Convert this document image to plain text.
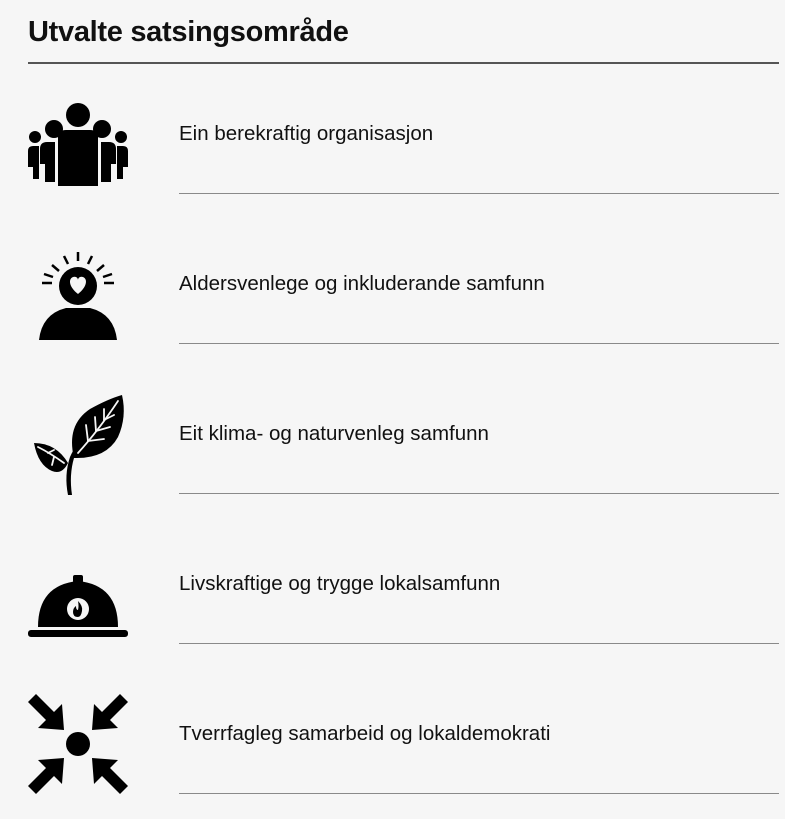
Utvalte satsingsområde
Ein berekraftig organisasjon
Aldersvenlege og inkluderande samfunn
Eit klima- og naturvenleg samfunn
Livskraftige og trygge lokalsamfunn
Tverrfagleg samarbeid og lokaldemokrati
